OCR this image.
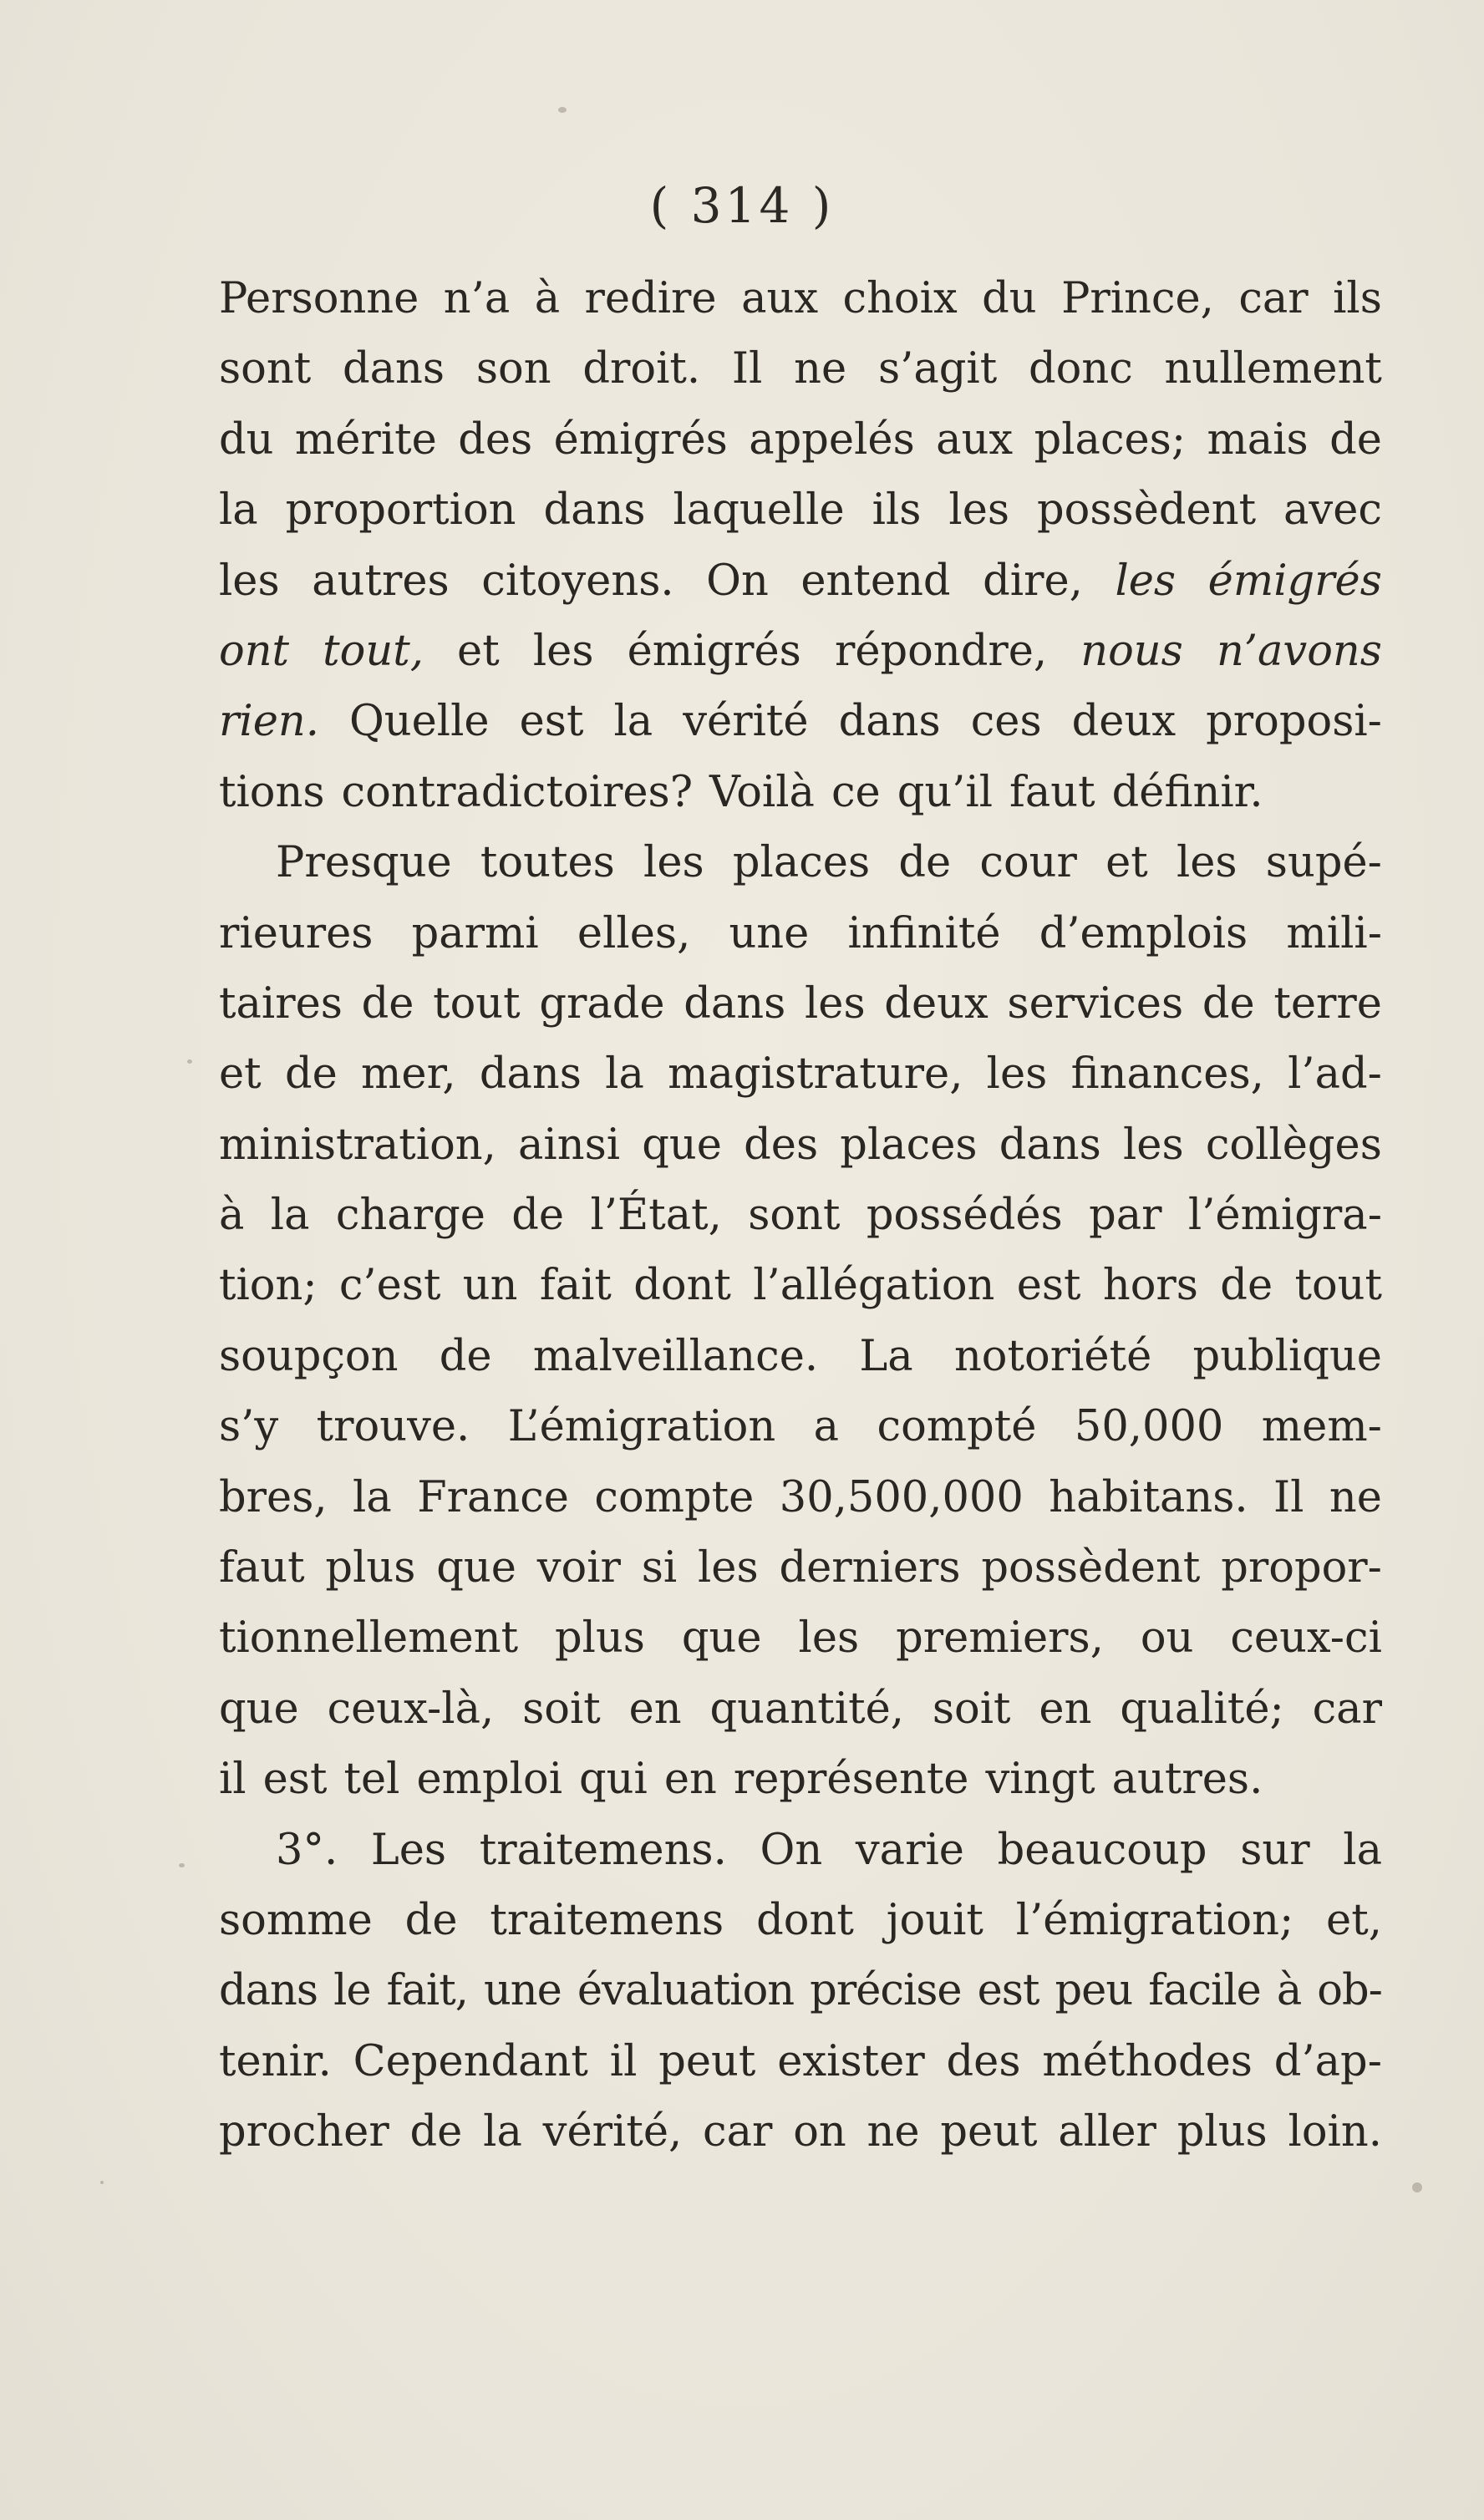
( 314 )
Personne n’a à redire aux choix du Prince, car ils
sont dans son droit. Il ne s’agit donc nullement
du mérite des émigrés appelés aux places; mais de
la proportion dans laquelle ils les possèdent avec
les autres citoyens. On entend dire, les émigrés
ont tout, et les émigrés répondre, nous n’avons
rien. Quelle est la vérité dans ces deux proposi-
tions contradictoires? Voilà ce qu’il faut définir.
Presque toutes les places de cour et les supé-
rieures parmi elles, une infinité d’emplois mili-
taires de tout grade dans les deux services de terre
et de mer, dans la magistrature, les finances, l’ad-
ministration, ainsi que des places dans les collèges
à la charge de l’État, sont possédés par l’émigra-
tion; c’est un fait dont l’allégation est hors de tout
soupçon de malveillance. La notoriété publique
s’y trouve. L’émigration a compté 50,000 mem-
bres, la France compte 30,500,000 habitans. Il ne
faut plus que voir si les derniers possèdent propor-
tionnellement plus que les premiers, ou ceux-ci
que ceux-là, soit en quantité, soit en qualité; car
il est tel emploi qui en représente vingt autres.
3°. Les traitemens. On varie beaucoup sur la
somme de traitemens dont jouit l’émigration; et,
dans le fait, une évaluation précise est peu facile à ob-
tenir. Cependant il peut exister des méthodes d’ap-
procher de la vérité, car on ne peut aller plus loin.
